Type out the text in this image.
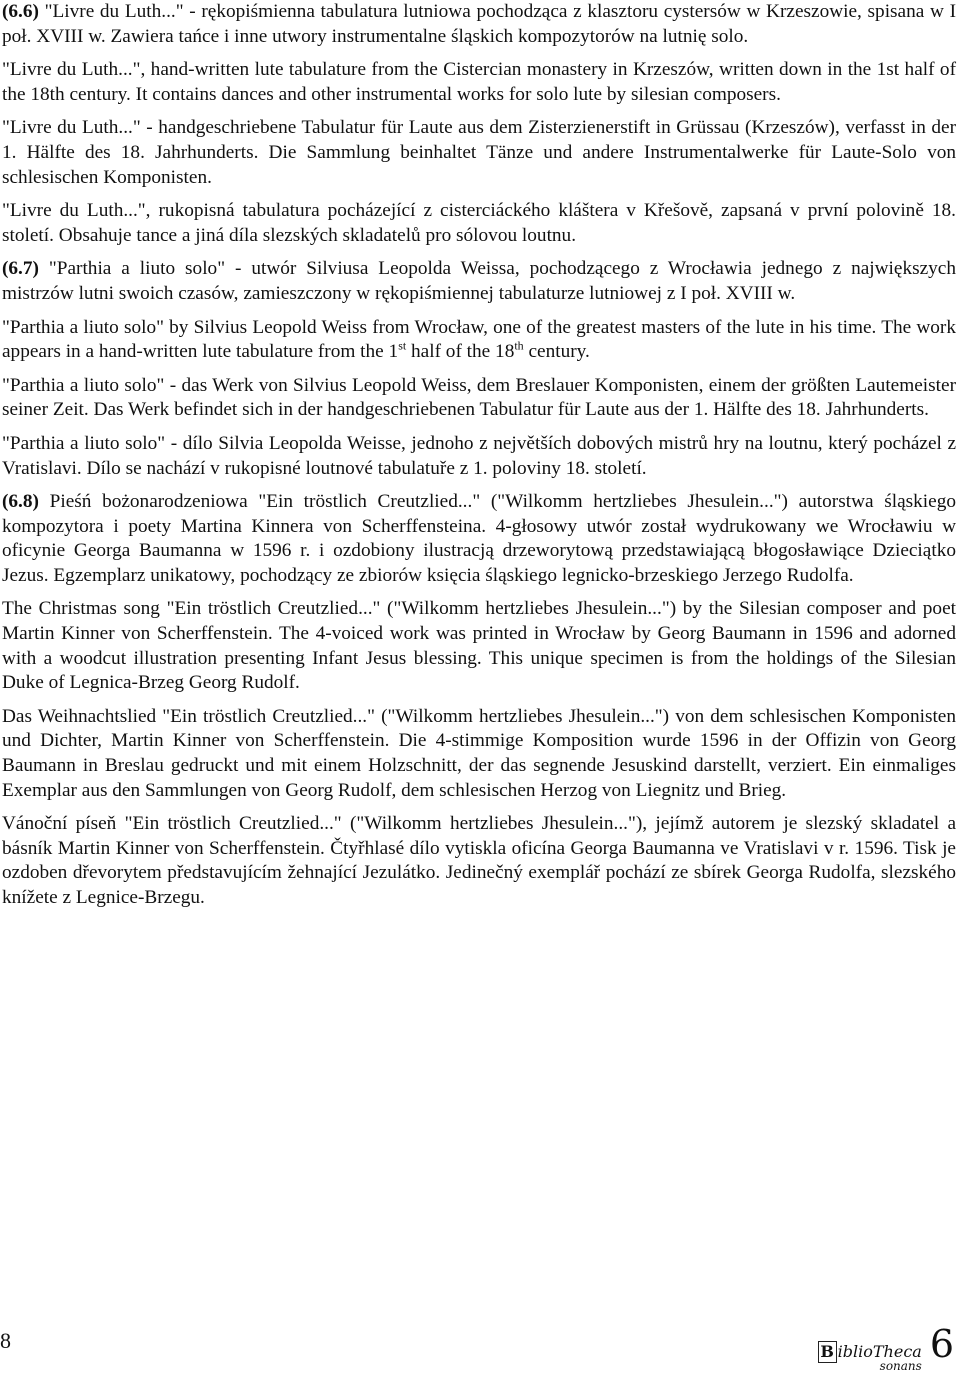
(6.6) "Livre du Luth..." - rękopiśmienna tabulatura lutniowa pochodząca z klasztoru cystersów w Krzeszowie, spisana w I poł. XVIII w. Zawiera tańce i inne utwory instrumentalne śląskich kompozytorów na lutnię solo.

"Livre du Luth...", hand-written lute tabulature from the Cistercian monastery in Krzeszów, written down in the 1st half of the 18th century. It contains dances and other instrumental works for solo lute by silesian composers.

"Livre du Luth..." - handgeschriebene Tabulatur für Laute aus dem Zisterzienerstift in Grüssau (Krzeszów), verfasst in der 1. Hälfte des 18. Jahrhunderts. Die Sammlung beinhaltet Tänze und andere Instrumentalwerke für Laute-Solo von schlesischen Komponisten.

"Livre du Luth...", rukopisná tabulatura pocházející z cisterciáckého kláštera v Křešově, zapsaná v první polovině 18. století. Obsahuje tance a jiná díla slezských skladatelů pro sólovou loutnu.

(6.7) "Parthia a liuto solo" - utwór Silviusa Leopolda Weissa, pochodzącego z Wrocławia jednego z największych mistrzów lutni swoich czasów, zamieszczony w rękopiśmiennej tabulaturze lutniowej z I poł. XVIII w.

"Parthia a liuto solo" by Silvius Leopold Weiss from Wrocław, one of the greatest masters of the lute in his time. The work appears in a hand-written lute tabulature from the 1st half of the 18th century.

"Parthia a liuto solo" - das Werk von Silvius Leopold Weiss, dem Breslauer Komponisten, einem der größten Lautemeister seiner Zeit. Das Werk befindet sich in der handgeschriebenen Tabulatur für Laute aus der 1. Hälfte des 18. Jahrhunderts.

"Parthia a liuto solo" - dílo Silvia Leopolda Weisse, jednoho z největších dobových mistrů hry na loutnu, který pocházel z Vratislavi. Dílo se nachází v rukopisné loutnové tabulatuře z 1. poloviny 18. století.

(6.8) Pieśń bożonarodzeniowa "Ein tröstlich Creutzlied..." ("Wilkomm hertzliebes Jhesulein...") autorstwa śląskiego kompozytora i poety Martina Kinnera von Scherffensteina. 4-głosowy utwór został wydrukowany we Wrocławiu w oficynie Georga Baumanna w 1596 r. i ozdobiony ilustracją drzeworytową przedstawiającą błogosławiące Dzieciątko Jezus. Egzemplarz unikatowy, pochodzący ze zbiorów księcia śląskiego legnicko-brzeskiego Jerzego Rudolfa.

The Christmas song "Ein tröstlich Creutzlied..." ("Wilkomm hertzliebes Jhesulein...") by the Silesian composer and poet Martin Kinner von Scherffenstein. The 4-voiced work was printed in Wrocław by Georg Baumann in 1596 and adorned with a woodcut illustration presenting Infant Jesus blessing. This unique specimen is from the holdings of the Silesian Duke of Legnica-Brzeg Georg Rudolf.

Das Weihnachtslied "Ein tröstlich Creutzlied..." ("Wilkomm hertzliebes Jhesulein...") von dem schlesischen Komponisten und Dichter, Martin Kinner von Scherffenstein. Die 4-stimmige Komposition wurde 1596 in der Offizin von Georg Baumann in Breslau gedruckt und mit einem Holzschnitt, der das segnende Jesuskind darstellt, verziert. Ein einmaliges Exemplar aus den Sammlungen von Georg Rudolf, dem schlesischen Herzog von Liegnitz und Brieg.

Vánoční píseň "Ein tröstlich Creutzlied..." ("Wilkomm hertzliebes Jhesulein..."), jejímž autorem je slezský skladatel a básník Martin Kinner von Scherffenstein. Čtyřhlasé dílo vytiskla oficína Georga Baumanna ve Vratislavi v r. 1596. Tisk je ozdoben dřevorytem představujícím žehnající Jezulátko. Jedinečný exemplář pochází ze sbírek Georga Rudolfa, slezského knížete z Legnice-Brzegu.

8	B iblioTheca
sonans 6
